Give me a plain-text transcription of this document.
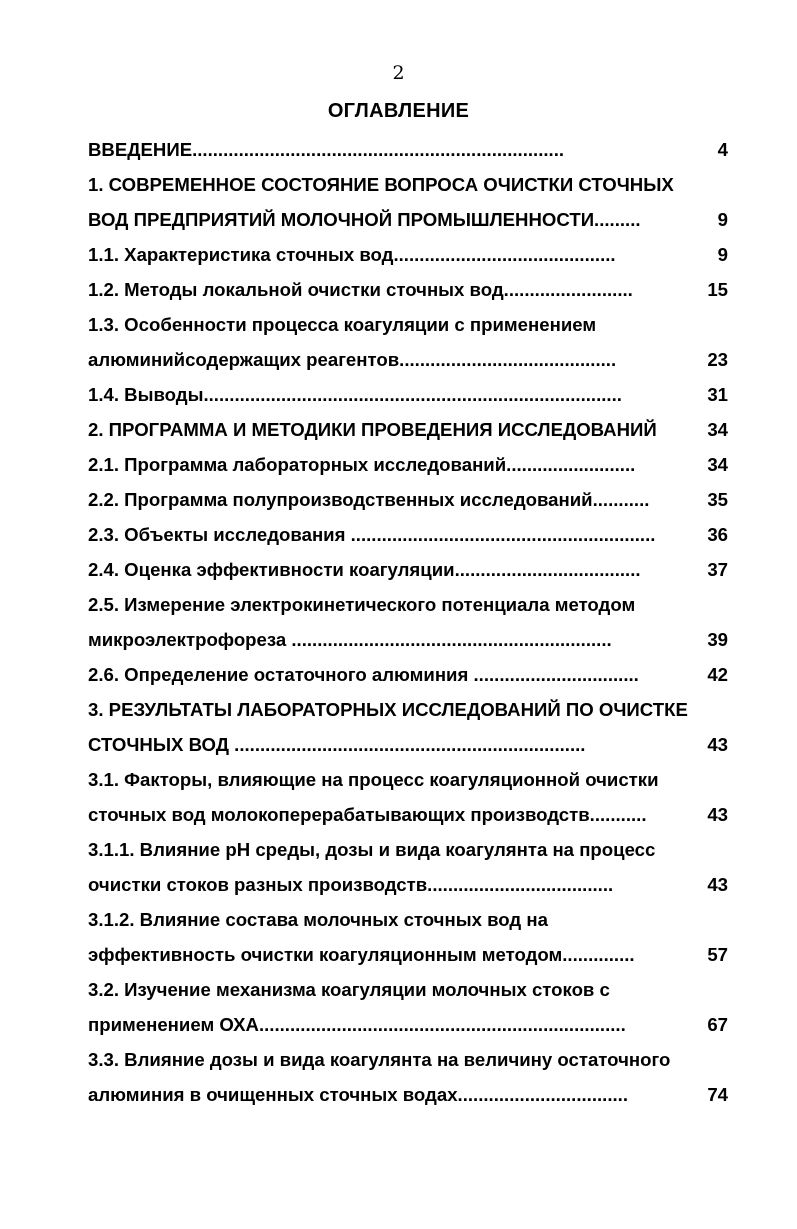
2
ОГЛАВЛЕНИЕ
ВВЕДЕНИЕ........................................................................	4
1. СОВРЕМЕННОЕ СОСТОЯНИЕ ВОПРОСА ОЧИСТКИ СТОЧНЫХ
ВОД ПРЕДПРИЯТИЙ МОЛОЧНОЙ ПРОМЫШЛЕННОСТИ.........	9
1.1. Характеристика сточных вод...........................................	9
1.2. Методы локальной очистки сточных вод.........................	15
1.3. Особенности процесса коагуляции с применением
алюминийсодержащих реагентов..........................................	23
1.4. Выводы.................................................................................	31
2. ПРОГРАММА И МЕТОДИКИ ПРОВЕДЕНИЯ ИССЛЕДОВАНИЙ	34
2.1. Программа лабораторных исследований.........................	34
2.2. Программа полупроизводственных исследований...........	35
2.3. Объекты исследования ...........................................................	36
2.4. Оценка эффективности коагуляции....................................	37
2.5. Измерение электрокинетического потенциала методом
микроэлектрофореза ..............................................................	39
2.6. Определение остаточного алюминия ................................	42
3. РЕЗУЛЬТАТЫ ЛАБОРАТОРНЫХ ИССЛЕДОВАНИЙ ПО ОЧИСТКЕ
СТОЧНЫХ ВОД ....................................................................	43
3.1. Факторы, влияющие на процесс коагуляционной очистки
сточных вод молокоперерабатывающих производств...........	43
3.1.1. Влияние pH среды, дозы и вида коагулянта на процесс
очистки стоков разных производств....................................	43
3.1.2. Влияние состава молочных сточных вод на
эффективность очистки коагуляционным методом..............	57
3.2. Изучение механизма коагуляции молочных стоков с
применением ОХА.......................................................................	67
3.3. Влияние дозы и вида коагулянта на величину остаточного
алюминия в очищенных сточных водах.................................	74
